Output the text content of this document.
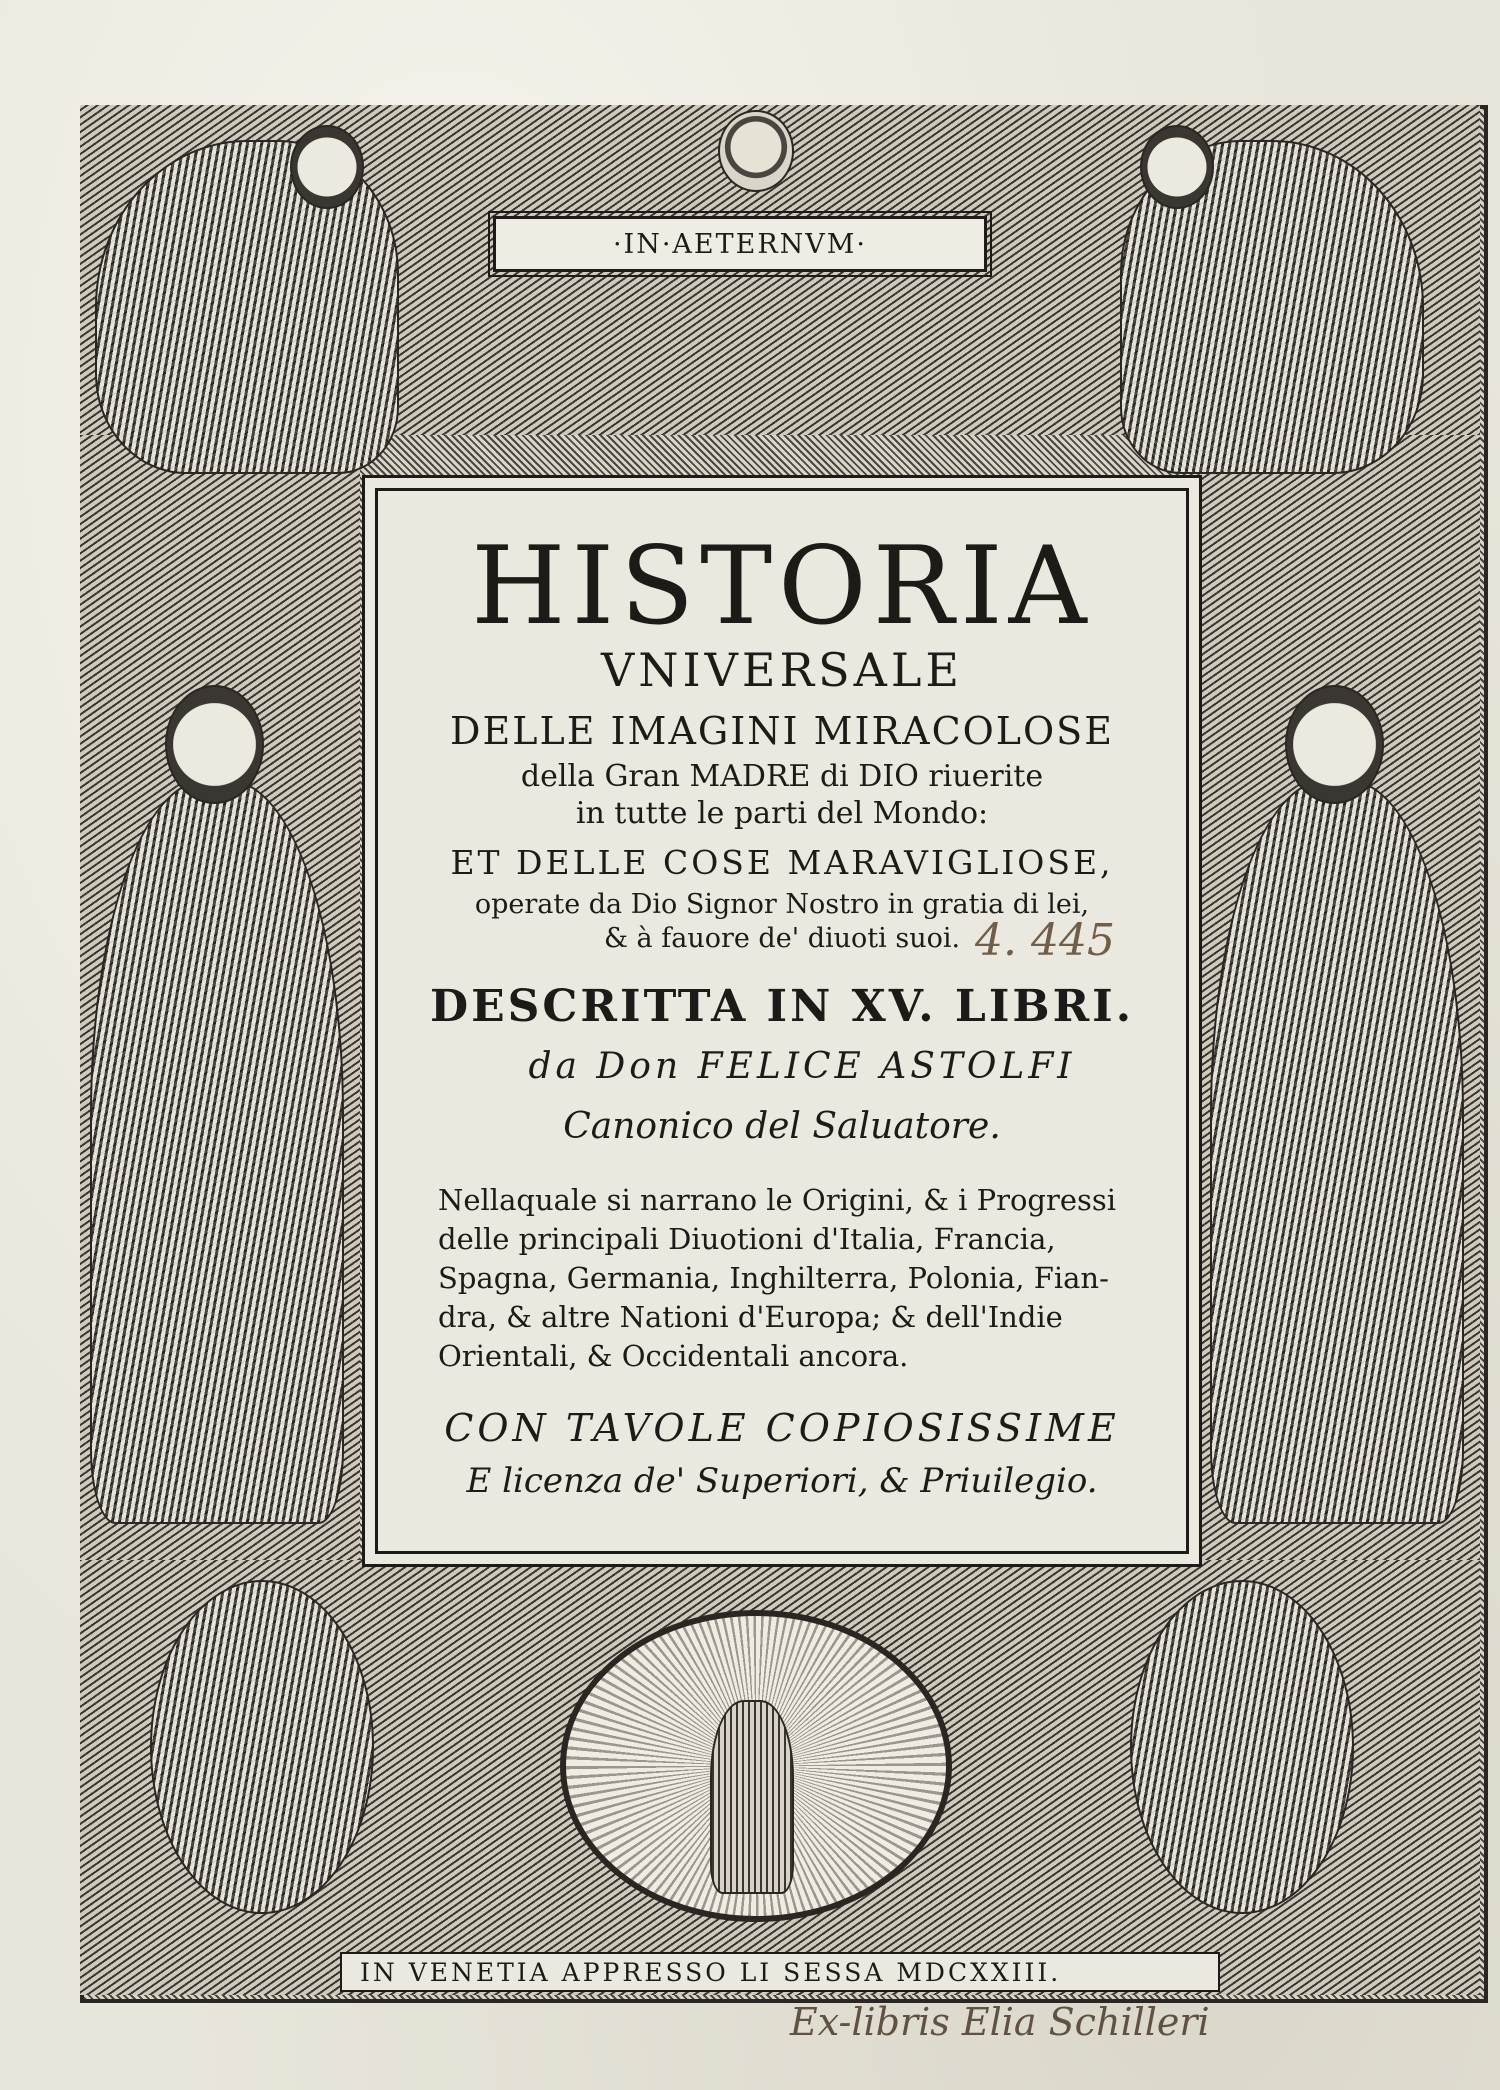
·IN·AETERNVM·
HISTORIA
VNIVERSALE
DELLE IMAGINI MIRACOLOSE
della Gran MADRE di DIO riuerite
in tutte le parti del Mondo:
ET DELLE COSE MARAVIGLIOSE,
operate da Dio Signor Nostro in gratia di lei,
& à fauore de' diuoti suoi.
DESCRITTA IN XV. LIBRI.
da Don FELICE ASTOLFI
Canonico del Saluatore.
Nellaquale si narrano le Origini, & i Progressi
delle principali Diuotioni d'Italia, Francia,
Spagna, Germania, Inghilterra, Polonia, Fian-
dra, & altre Nationi d'Europa; & dell'Indie
Orientali, & Occidentali ancora.
CON TAVOLE COPIOSISSIME
E licenza de' Superiori, & Priuilegio.
4. 445
IN VENETIA APPRESSO LI SESSA MDCXXIII.
Ex-libris Elia Schilleri
